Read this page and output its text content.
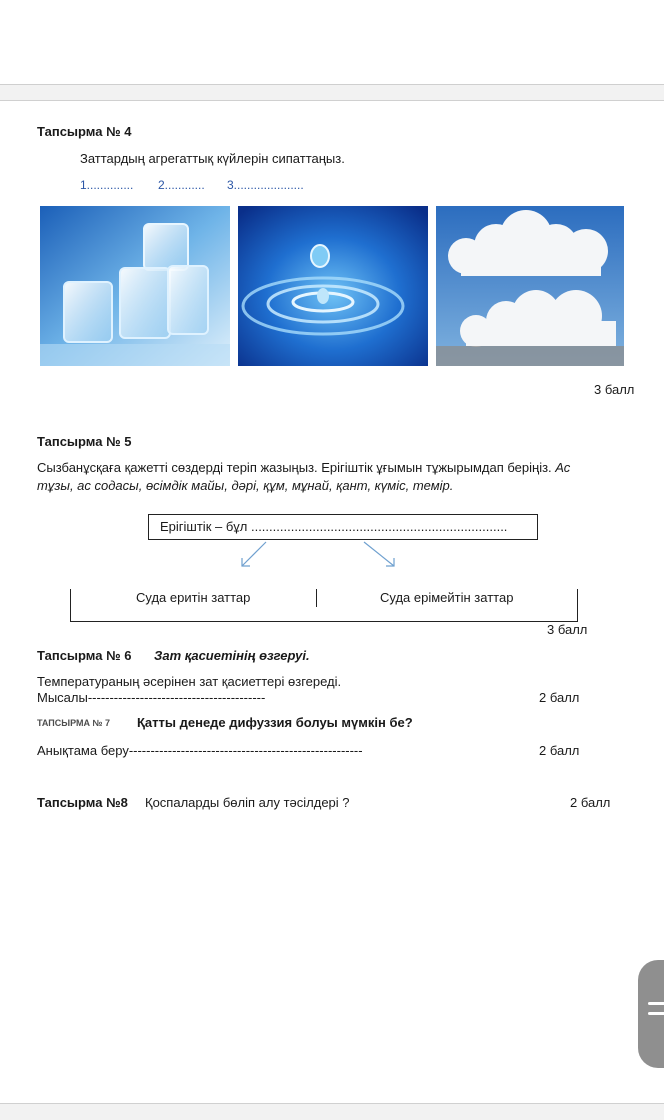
Тапсырма № 4
Заттардың агрегаттық күйлерін сипаттаңыз.
1.............. 2............ 3.....................
3 балл
Тапсырма № 5
Сызбанұсқаға қажетті сөздерді теріп жазыңыз. Ерігіштік ұғымын тұжырымдап беріңіз. Ас
тұзы, ас содасы, өсімдік майы, дәрі, құм, мұнай, қант, күміс, темір.
Ерігіштік – бұл .......................................................................
Суда еритін заттар	Суда ерімейтін заттар
3 балл
Тапсырма № 6 Зат қасиетінің өзгеруі.
Температураның әсерінен зат қасиеттері өзгереді.
Мысалы-----------------------------------------	2 балл
ТАПСЫРМА № 7 Қатты денеде дифуззия болуы мүмкін бе?
Анықтама беру------------------------------------------------------	2 балл
Тапсырма №8 Қоспаларды бөліп алу тәсілдері ?	2 балл
